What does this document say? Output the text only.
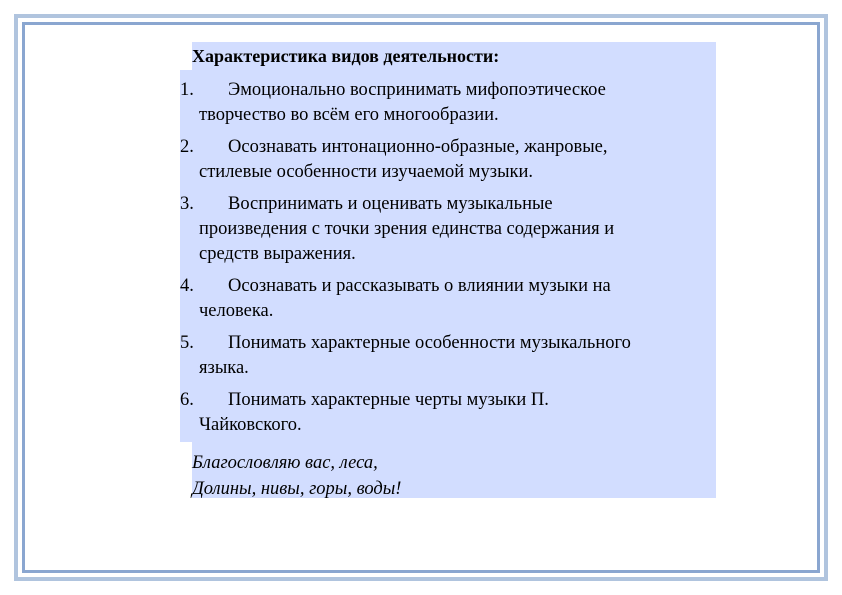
Характеристика видов деятельности:
1.	Эмоционально воспринимать мифопоэтическое
творчество во всём его многообразии.
2.	Осознавать интонационно-образные, жанровые,
стилевые особенности изучаемой музыки.
3.	Воспринимать и оценивать музыкальные
произведения с точки зрения единства содержания и
средств выражения.
4.	Осознавать и рассказывать о влиянии музыки на
человека.
5.	Понимать характерные особенности музыкального
языка.
6.	Понимать характерные черты музыки П.
Чайковского.
Благословляю вас, леса,
Долины, нивы, горы, воды!
